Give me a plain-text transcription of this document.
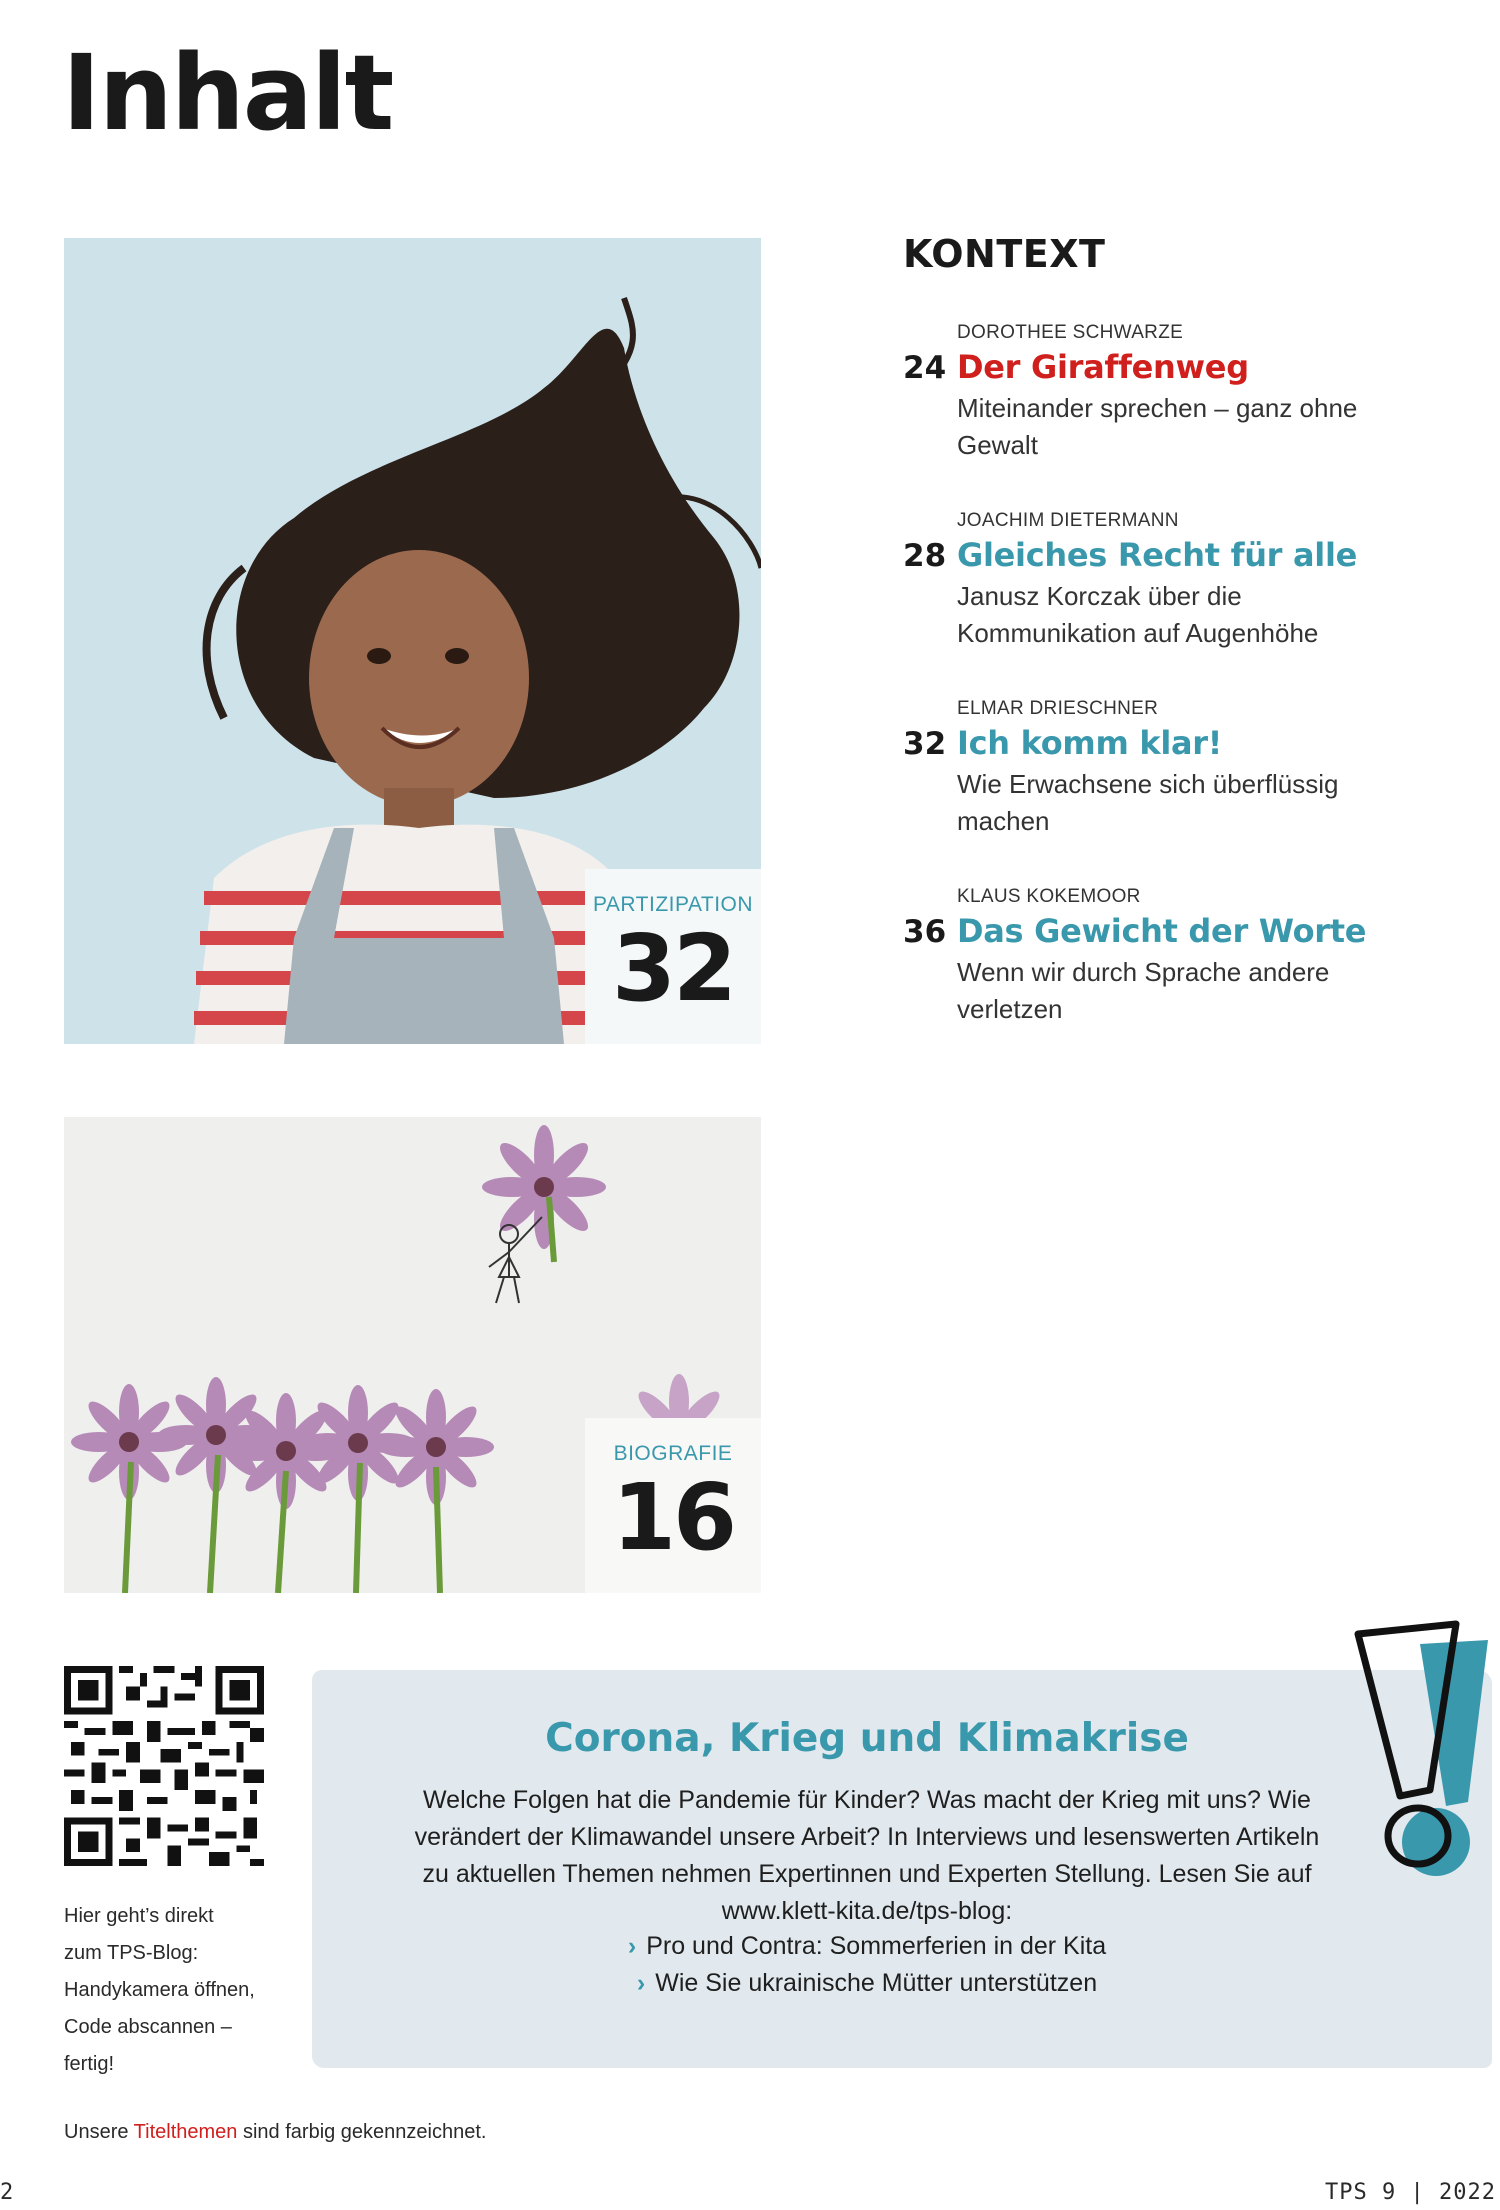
Inhalt
PARTIZIPATION
32
BIOGRAFIE
16
KONTEXT
DOROTHEE SCHWARZE
24 Der Giraffenweg
Miteinander sprechen – ganz ohne Gewalt
JOACHIM DIETERMANN
28 Gleiches Recht für alle
Janusz Korczak über die Kommunikation auf Augenhöhe
ELMAR DRIESCHNER
32 Ich komm klar!
Wie Erwachsene sich überflüssig machen
KLAUS KOKEMOOR
36 Das Gewicht der Worte
Wenn wir durch Sprache andere verletzen
Hier geht’s direkt
zum TPS-Blog:
Handykamera öffnen,
Code abscannen –
fertig!
Corona, Krieg und Klimakrise
Welche Folgen hat die Pandemie für Kinder? Was macht der Krieg mit uns? Wie
verändert der Klimawandel unsere Arbeit? In Interviews und lesenswerten Artikeln
zu aktuellen Themen nehmen Expertinnen und Experten Stellung. Lesen Sie auf
www.klett-kita.de/tps-blog:
› Pro und Contra: Sommerferien in der Kita
› Wie Sie ukrainische Mütter unterstützen
Unsere Titelthemen sind farbig gekennzeichnet.
2	TPS 9 | 2022
